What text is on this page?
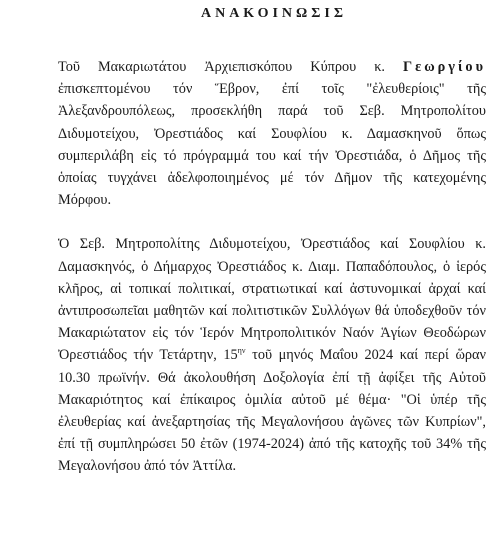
ΑΝΑΚΟΙΝΩΣΙΣ

Τοῦ Μακαριωτάτου Ἀρχιεπισκόπου Κύπρου κ. Γεωργίου ἐπισκεπτομένου τόν Ἕβρον, ἐπί τοῖς "ἐλευθερίοις" τῆς Ἀλεξανδρουπόλεως, προσεκλήθη παρά τοῦ Σεβ. Μητροπολίτου Διδυμοτείχου, Ὀρεστιάδος καί Σουφλίου κ. Δαμασκηνοῦ ὅπως συμπεριλάβη εἰς τό πρόγραμμά του καί τήν Ὀρεστιάδα, ὁ Δῆμος τῆς ὁποίας τυγχάνει ἀδελφοποιημένος μέ τόν Δῆμον τῆς κατεχομένης Μόρφου.

Ὁ Σεβ. Μητροπολίτης Διδυμοτείχου, Ὀρεστιάδος καί Σουφλίου κ. Δαμασκηνός, ὁ Δήμαρχος Ὀρεστιάδος κ. Διαμ. Παπαδόπουλος, ὁ ἱερός κλῆρος, αἱ τοπικαί πολιτικαί, στρατιωτικαί καί ἀστυνομικαί ἀρχαί καί ἀντιπροσωπεῖαι μαθητῶν καί πολιτιστικῶν Συλλόγων θά ὑποδεχθοῦν τόν Μακαριώτατον εἰς τόν Ἱερόν Μητροπολιτικόν Ναόν Ἁγίων Θεοδώρων Ὀρεστιάδος τήν Τετάρτην, $15^{\eta\nu}$ τοῦ μηνός Μαΐου 2024 καί περί ὥραν 10.30 πρωϊνήν. Θά ἀκολουθήση Δοξολογία ἐπί τῇ ἀφίξει τῆς Αὐτοῦ Μακαριότητος καί ἐπίκαιρος ὁμιλία αὐτοῦ μέ θέμα· "Οἱ ὑπέρ τῆς ἐλευθερίας καί ἀνεξαρτησίας τῆς Μεγαλονήσου ἀγῶνες τῶν Κυπρίων", ἐπί τῇ συμπληρώσει 50 ἐτῶν (1974-2024) ἀπό τῆς κατοχῆς τοῦ 34% τῆς Μεγαλονήσου ἀπό τόν Ἀττίλα.
